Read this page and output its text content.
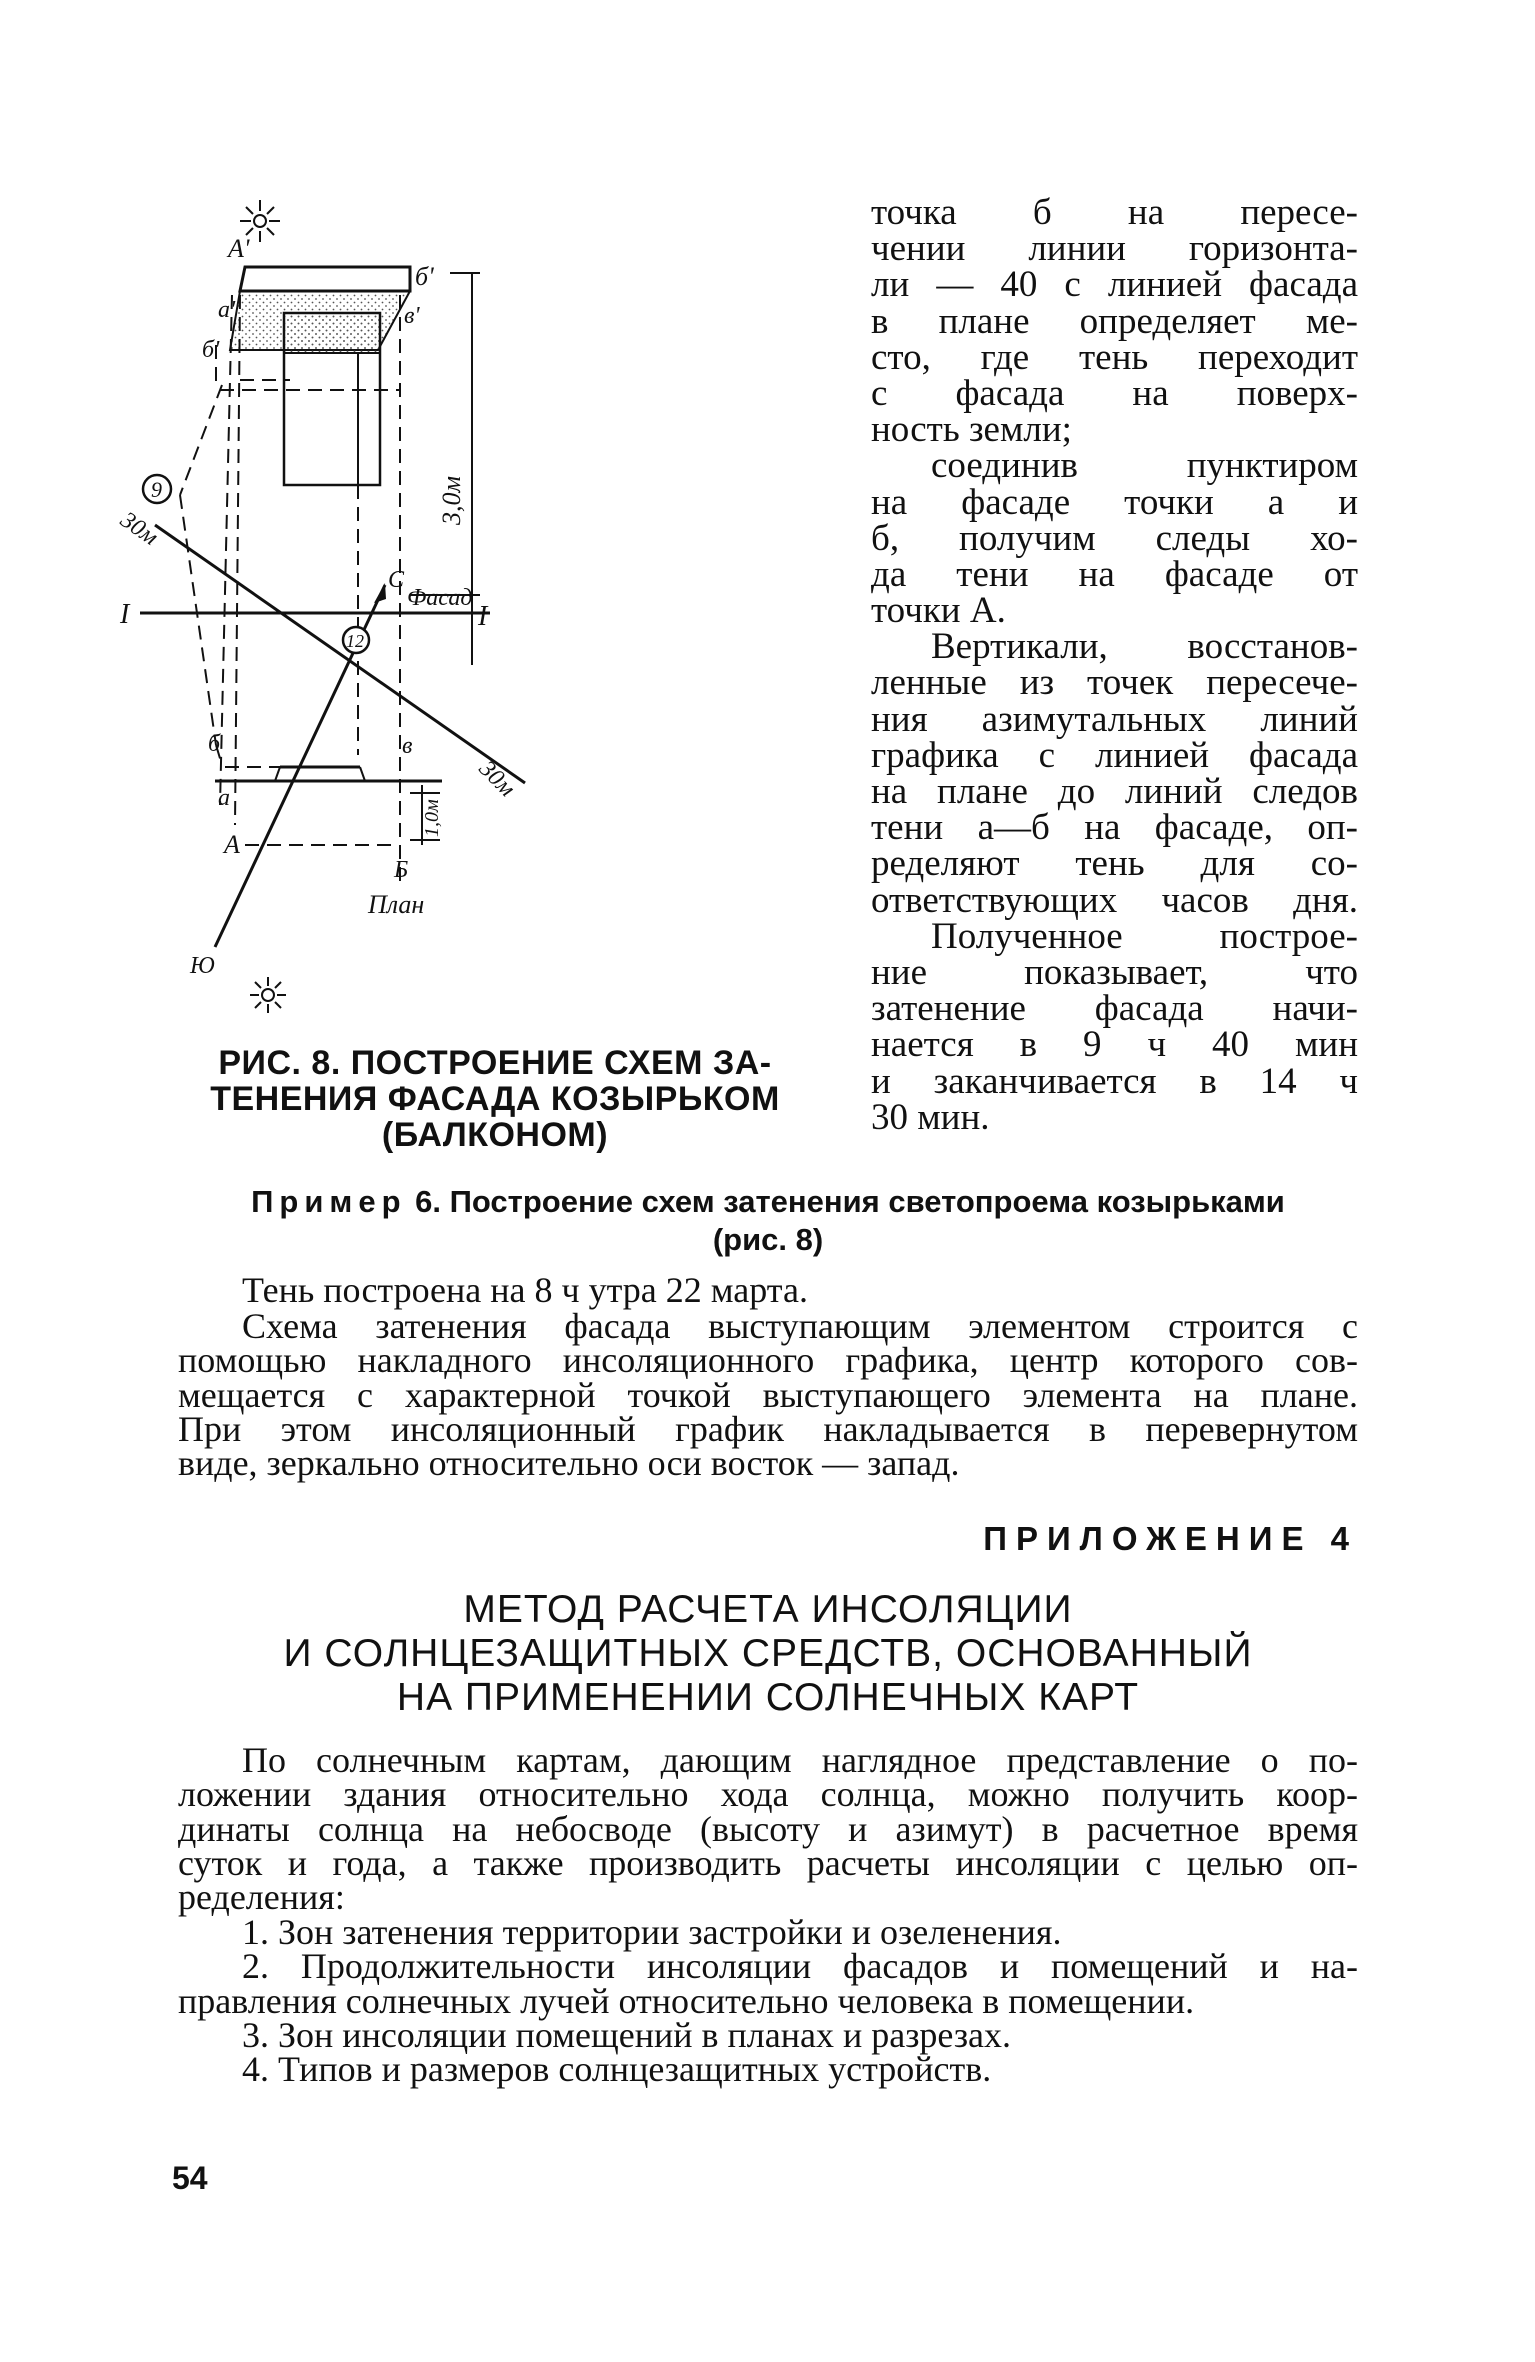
A'
б'
а'
б'
в'
9
30м
I	I
Фасад
С
12
3,0м
б	в
а
А
1,0м
Б
План
30м
Ю
РИС. 8. ПОСТРОЕНИЕ СХЕМ ЗА-
ТЕНЕНИЯ ФАСАДА КОЗЫРЬКОМ
(БАЛКОНОМ)
точка б на пересе-
чении линии горизонта-
ли — 40 с линией фасада
в плане определяет ме-
сто, где тень переходит
с фасада на поверх-
ность земли;
соединив пунктиром
на фасаде точки а и
б, получим следы хо-
да тени на фасаде от
точки А.
Вертикали, восстанов-
ленные из точек пересече-
ния азимутальных линий
графика с линией фасада
на плане до линий следов
тени а—б на фасаде, оп-
ределяют тень для со-
ответствующих часов дня.
Полученное построе-
ние показывает, что
затенение фасада начи-
нается в 9 ч 40 мин
и заканчивается в 14 ч
30 мин.
Пример 6. Построение схем затенения светопроема козырьками
(рис. 8)
Тень построена на 8 ч утра 22 марта.
Схема затенения фасада выступающим элементом строится с
помощью накладного инсоляционного графика, центр которого сов-
мещается с характерной точкой выступающего элемента на плане.
При этом инсоляционный график накладывается в перевернутом
виде, зеркально относительно оси восток — запад.
ПРИЛОЖЕНИЕ 4
МЕТОД РАСЧЕТА ИНСОЛЯЦИИ
И СОЛНЦЕЗАЩИТНЫХ СРЕДСТВ, ОСНОВАННЫЙ
НА ПРИМЕНЕНИИ СОЛНЕЧНЫХ КАРТ
По солнечным картам, дающим наглядное представление о по-
ложении здания относительно хода солнца, можно получить коор-
динаты солнца на небосводе (высоту и азимут) в расчетное время
суток и года, а также производить расчеты инсоляции с целью оп-
ределения:
1. Зон затенения территории застройки и озеленения.
2. Продолжительности инсоляции фасадов и помещений и на-
правления солнечных лучей относительно человека в помещении.
3. Зон инсоляции помещений в планах и разрезах.
4. Типов и размеров солнцезащитных устройств.
54
